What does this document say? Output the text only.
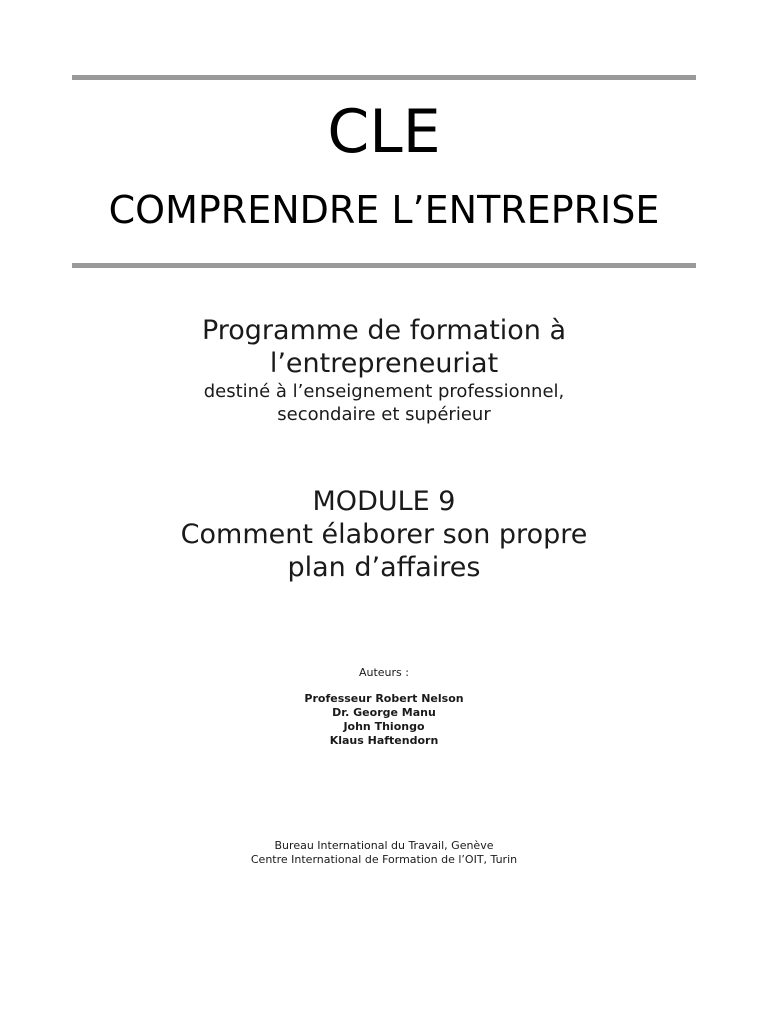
CLE
COMPRENDRE L’ENTREPRISE
Programme de formation à
l’entrepreneuriat
destiné à l’enseignement professionnel,
secondaire et supérieur
MODULE 9
Comment élaborer son propre
plan d’affaires
Auteurs :
Professeur Robert Nelson
Dr. George Manu
John Thiongo
Klaus Haftendorn
Bureau International du Travail, Genève
Centre International de Formation de l’OIT, Turin
